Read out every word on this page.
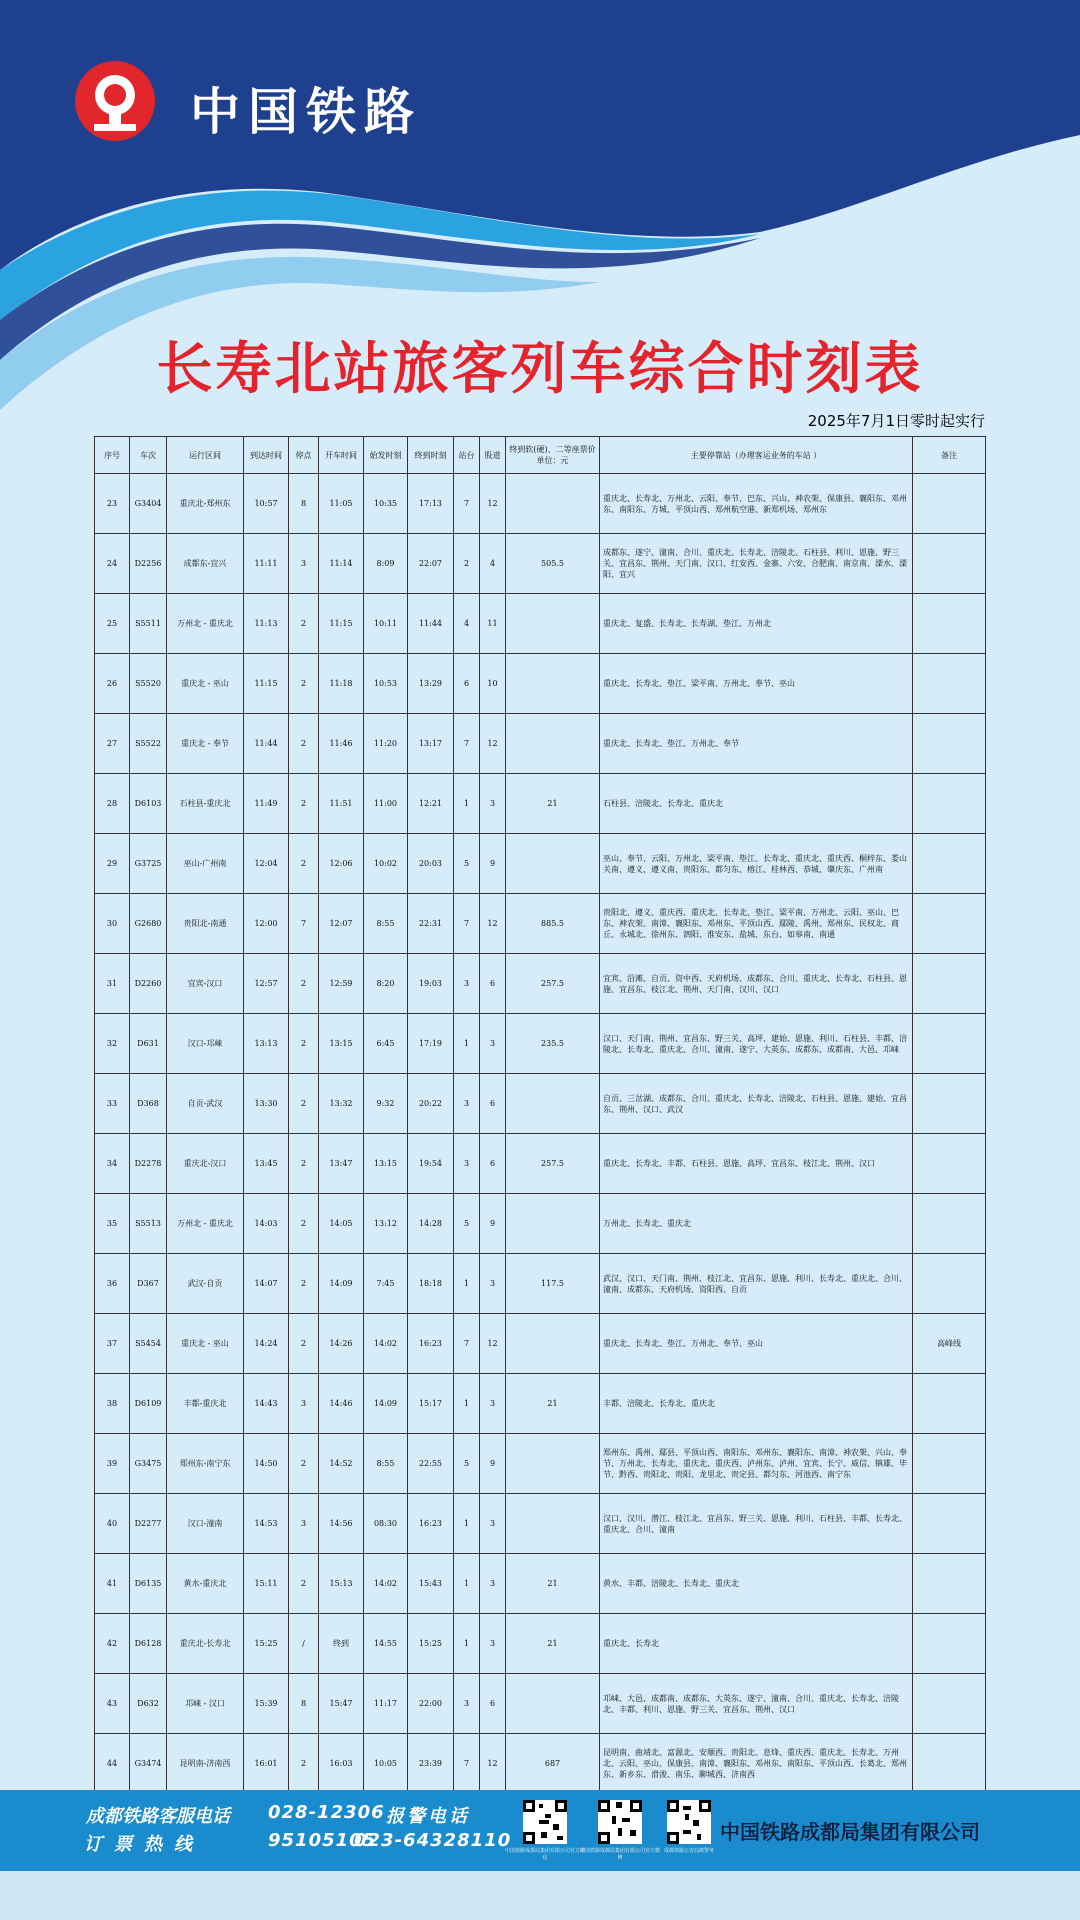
中国铁路
长寿北站旅客列车综合时刻表
2025年7月1日零时起实行
序号	车次	运行区间	到达时间	停点	开车时间	始发时刻	终到时刻	站台	股道	终到软(硬)、二等座票价单位：元	主要停靠站（办理客运业务的车站 ）	备注
23	G3404	重庆北-郑州东	10:57	8	11:05	10:35	17:13	7	12		重庆北、长寿北、万州北、云阳、奉节、巴东、兴山、神农架、保康县、襄阳东、邓州东、南阳东、方城、平顶山西、郑州航空港、新郑机场、郑州东	
24	D2256	成都东-宜兴	11:11	3	11:14	8:09	22:07	2	4	505.5	成都东、遂宁、潼南、合川、重庆北、长寿北、涪陵北、石柱县、利川、恩施、野三关、宜昌东、荆州、天门南、汉口、红安西、金寨、六安、合肥南、南京南、溧水、溧阳、宜兴	
25	S5511	万州北 - 重庆北	11:13	2	11:15	10:11	11:44	4	11		重庆北、复盛、长寿北、长寿湖、垫江、万州北	
26	S5520	重庆北 - 巫山	11:15	2	11:18	10:53	13:29	6	10		重庆北、长寿北、垫江、梁平南、万州北、奉节、巫山	
27	S5522	重庆北 - 奉节	11:44	2	11:46	11:20	13:17	7	12		重庆北、长寿北、垫江、万州北、奉节	
28	D6103	石柱县-重庆北	11:49	2	11:51	11:00	12:21	1	3	21	石柱县、涪陵北、长寿北、重庆北	
29	G3725	巫山-广州南	12:04	2	12:06	10:02	20:03	5	9		巫山、奉节、云阳、万州北、梁平南、垫江、长寿北、重庆北、重庆西、桐梓东、娄山关南、遵义、遵义南、贵阳东、都匀东、榕江、桂林西、恭城、肇庆东、广州南	
30	G2680	贵阳北-南通	12:00	7	12:07	8:55	22:31	7	12	885.5	贵阳北、遵义、重庆西、重庆北、长寿北、垫江、梁平南、万州北、云阳、巫山、巴东、神农架、南漳、襄阳东、邓州东、平顶山西、鄢陵、禹州、郑州东、民权北、商丘、永城北、徐州东、泗阳、淮安东、盐城、东台、如皋南、南通	
31	D2260	宜宾-汉口	12:57	2	12:59	8:20	19:03	3	6	257.5	宜宾、沿滩、自贡、资中西、天府机场、成都东、合川、重庆北、长寿北、石柱县、恩施、宜昌东、枝江北、荆州、天门南、汉川、汉口	
32	D631	汉口-邛崃	13:13	2	13:15	6:45	17:19	1	3	235.5	汉口、天门南、荆州、宜昌东、野三关、高坪、建始、恩施、利川、石柱县、丰都、涪陵北、长寿北、重庆北、合川、潼南、遂宁、大英东、成都东、成都南、大邑、邛崃	
33	D368	自贡-武汉	13:30	2	13:32	9:32	20:22	3	6		自贡、三岔湖、成都东、合川、重庆北、长寿北、涪陵北、石柱县、恩施、建始、宜昌东、荆州、汉口、武汉	
34	D2278	重庆北-汉口	13:45	2	13:47	13:15	19:54	3	6	257.5	重庆北、长寿北、丰都、石柱县、恩施、高坪、宜昌东、枝江北、荆州、汉口	
35	S5513	万州北 - 重庆北	14:03	2	14:05	13:12	14:28	5	9		万州北、长寿北、重庆北	
36	D367	武汉-自贡	14:07	2	14:09	7:45	18:18	1	3	117.5	武汉、汉口、天门南、荆州、枝江北、宜昌东、恩施、利川、长寿北、重庆北、合川、潼南、成都东、天府机场、资阳西、自贡	
37	S5454	重庆北 - 巫山	14:24	2	14:26	14:02	16:23	7	12		重庆北、长寿北、垫江、万州北、奉节、巫山	高峰线
38	D6109	丰都-重庆北	14:43	3	14:46	14:09	15:17	1	3	21	丰都、涪陵北、长寿北、重庆北	
39	G3475	郑州东-南宁东	14:50	2	14:52	8:55	22:55	5	9		郑州东、禹州、鄢县、平顶山西、南阳东、邓州东、襄阳东、南漳、神农架、兴山、奉节、万州北、长寿北、重庆北、重庆西、泸州东、泸州、宜宾、长宁、威信、镇雄、毕节、黔西、贵阳北、贵阳、龙里北、贵定县、都匀东、河池西、南宁东	
40	D2277	汉口-潼南	14:53	3	14:56	08:30	16:23	1	3		汉口、汉川、潜江、枝江北、宜昌东、野三关、恩施、利川、石柱县、丰都、长寿北、重庆北、合川、潼南	
41	D6135	黄水-重庆北	15:11	2	15:13	14:02	15:43	1	3	21	黄水、丰都、涪陵北、长寿北、重庆北	
42	D6128	重庆北-长寿北	15:25	/	终到	14:55	15:25	1	3	21	重庆北、长寿北	
43	D632	邛崃 - 汉口	15:39	8	15:47	11:17	22:00	3	6		邛崃、大邑、成都南、成都东、大英东、遂宁、潼南、合川、重庆北、长寿北、涪陵北、丰都、利川、恩施、野三关、宜昌东、荆州、汉口	
44	G3474	昆明南-济南西	16:01	2	16:03	10:05	23:39	7	12	687	昆明南、曲靖北、富源北、安顺西、贵阳北、息烽、重庆西、重庆北、长寿北、万州北、云阳、巫山、保康县、南漳、襄阳东、邓州东、南阳东、平顶山西、长葛北、郑州东、新乡东、滑浚、南乐、聊城西、济南西	
成都铁路客服电话 028-12306
订票热线	95105105
报警电话
023-64328110
中国铁路成都局集团有限公司官方微信
中国铁路成都局集团有限公司官方微博
成都铁路公安局微警务
中国铁路成都局集团有限公司
